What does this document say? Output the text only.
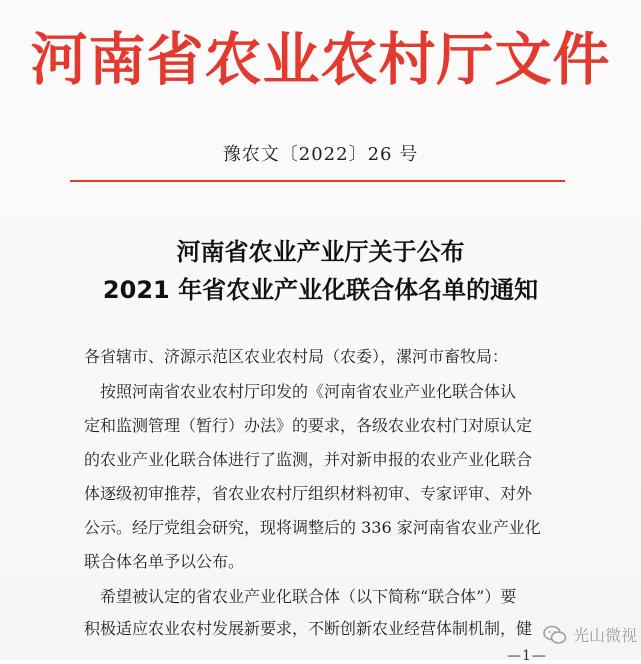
河南省农业农村厅文件
豫农文〔2022〕26 号
河南省农业产业厅关于公布
2021 年省农业产业化联合体名单的通知
各省辖市、济源示范区农业农村局（农委），漯河市畜牧局：
按照河南省农业农村厅印发的《河南省农业产业化联合体认
定和监测管理（暂行）办法》的要求，各级农业农村门对原认定
的农业产业化联合体进行了监测，并对新申报的农业产业化联合
体逐级初审推荐，省农业农村厅组织材料初审、专家评审、对外
公示。经厅党组会研究，现将调整后的 336 家河南省农业产业化
联合体名单予以公布。
希望被认定的省农业产业化联合体（以下简称“联合体”）要
积极适应农业农村发展新要求，不断创新农业经营体制机制，健
—1—
光山微视
